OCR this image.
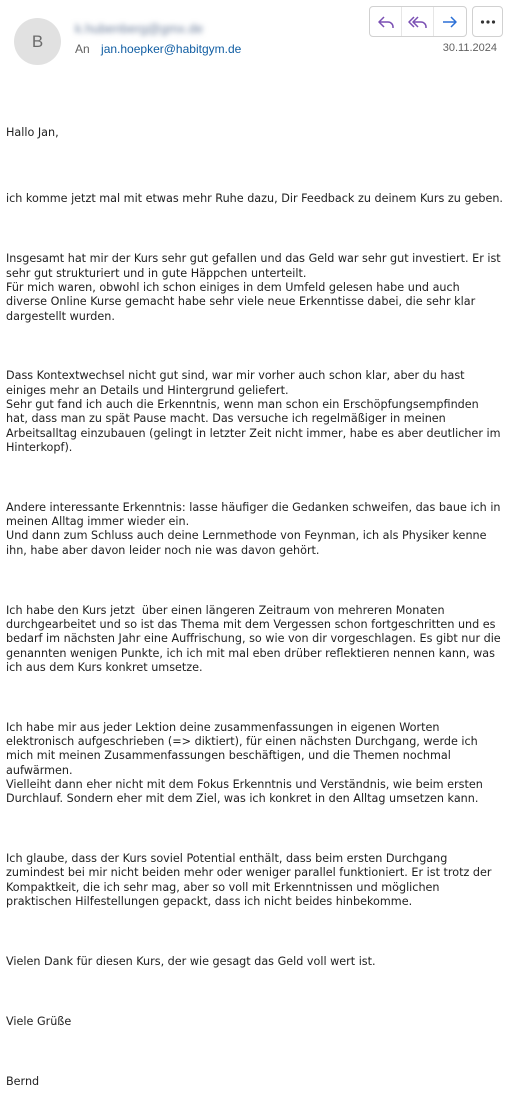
B
k.hubenberg@gmx.de
An jan.hoepker@habitgym.de	30.11.2024

Hallo Jan,

ich komme jetzt mal mit etwas mehr Ruhe dazu, Dir Feedback zu deinem Kurs zu geben.

Insgesamt hat mir der Kurs sehr gut gefallen und das Geld war sehr gut investiert. Er ist sehr gut strukturiert und in gute Häppchen unterteilt.
Für mich waren, obwohl ich schon einiges in dem Umfeld gelesen habe und auch diverse Online Kurse gemacht habe sehr viele neue Erkenntisse dabei, die sehr klar dargestellt wurden.

Dass Kontextwechsel nicht gut sind, war mir vorher auch schon klar, aber du hast einiges mehr an Details und Hintergrund geliefert.
Sehr gut fand ich auch die Erkenntnis, wenn man schon ein Erschöpfungsempfinden hat, dass man zu spät Pause macht. Das versuche ich regelmäßiger in meinen Arbeitsalltag einzubauen (gelingt in letzter Zeit nicht immer, habe es aber deutlicher im Hinterkopf).

Andere interessante Erkenntnis: lasse häufiger die Gedanken schweifen, das baue ich in meinen Alltag immer wieder ein.
Und dann zum Schluss auch deine Lernmethode von Feynman, ich als Physiker kenne ihn, habe aber davon leider noch nie was davon gehört.

Ich habe den Kurs jetzt  über einen längeren Zeitraum von mehreren Monaten durchgearbeitet und so ist das Thema mit dem Vergessen schon fortgeschritten und es bedarf im nächsten Jahr eine Auffrischung, so wie von dir vorgeschlagen. Es gibt nur die genannten wenigen Punkte, ich ich mit mal eben drüber reflektieren nennen kann, was ich aus dem Kurs konkret umsetze.

Ich habe mir aus jeder Lektion deine zusammenfassungen in eigenen Worten elektronisch aufgeschrieben (=> diktiert), für einen nächsten Durchgang, werde ich mich mit meinen Zusammenfassungen beschäftigen, und die Themen nochmal aufwärmen.
Vielleiht dann eher nicht mit dem Fokus Erkenntnis und Verständnis, wie beim ersten Durchlauf. Sondern eher mit dem Ziel, was ich konkret in den Alltag umsetzen kann.

Ich glaube, dass der Kurs soviel Potential enthält, dass beim ersten Durchgang zumindest bei mir nicht beiden mehr oder weniger parallel funktioniert. Er ist trotz der Kompaktkeit, die ich sehr mag, aber so voll mit Erkenntnissen und möglichen praktischen Hilfestellungen gepackt, dass ich nicht beides hinbekomme.

Vielen Dank für diesen Kurs, der wie gesagt das Geld voll wert ist.

Viele Grüße

Bernd
